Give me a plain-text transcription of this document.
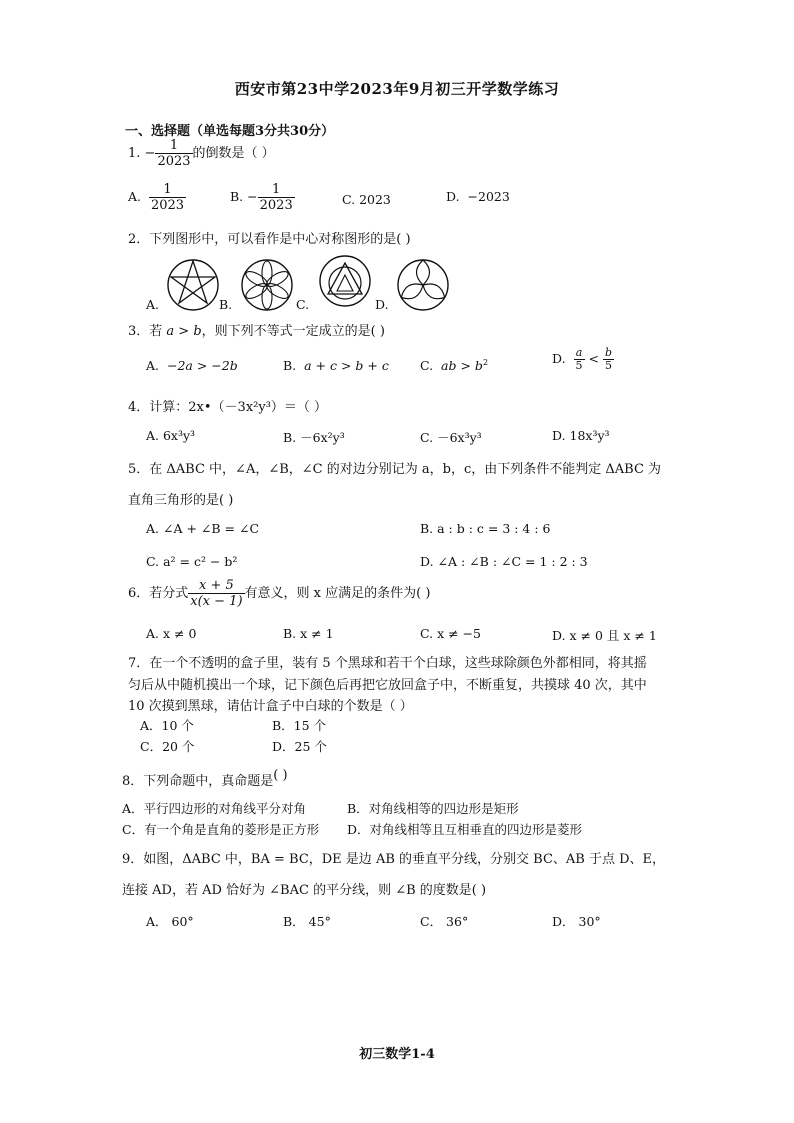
西安市第23中学2023年9月初三开学数学练习
一、选择题（单选每题3分共30分）
1. − $\frac{1}{2023}$ 的倒数是（ ）
A. $\frac{1}{2023}$	B. − $\frac{1}{2023}$	C. 2023	D. −2023
2．下列图形中，可以看作是中心对称图形的是( )
A.	B.	C.	D.
3．若 a > b，则下列不等式一定成立的是( )
A. −2a > −2b	B. a + c > b + c C. ab > $b^2$	D. $\frac{a}{5} < \frac{b}{5}$
4．计算：2x•（－3x²y³）＝（ ）
A. 6x³y³	B. －6x²y³	C. －6x³y³	D. 18x³y³
5．在 ΔABC 中，∠A，∠B，∠C 的对边分别记为 a，b，c，由下列条件不能判定 ΔABC 为
直角三角形的是( )
A. ∠A + ∠B = ∠C	B. a : b : c = 3 : 4 : 6
C. a² = c² − b²	D. ∠A : ∠B : ∠C = 1 : 2 : 3
6．若分式 $\frac{x + 5}{x(x - 1)}$ 有意义，则 x 应满足的条件为( )
A. x ≠ 0	B. x ≠ 1	C. x ≠ −5	D. x ≠ 0 且 x ≠ 1
7．在一个不透明的盒子里，装有 5 个黑球和若干个白球，这些球除颜色外都相同，将其摇
匀后从中随机摸出一个球，记下颜色后再把它放回盒子中，不断重复，共摸球 40 次，其中
10 次摸到黑球，请估计盒子中白球的个数是（ ）
A．10 个	B．15 个
C．20 个	D．25 个
8．下列命题中，真命题是( )
A．平行四边形的对角线平分对角	B．对角线相等的四边形是矩形
C．有一个角是直角的菱形是正方形 D．对角线相等且互相垂直的四边形是菱形
9．如图，ΔABC 中，BA = BC，DE 是边 AB 的垂直平分线，分别交 BC、AB 于点 D、E，
连接 AD，若 AD 恰好为 ∠BAC 的平分线，则 ∠B 的度数是( )
A． 60°	B． 45°	C． 36°	D． 30°
初三数学1-4
